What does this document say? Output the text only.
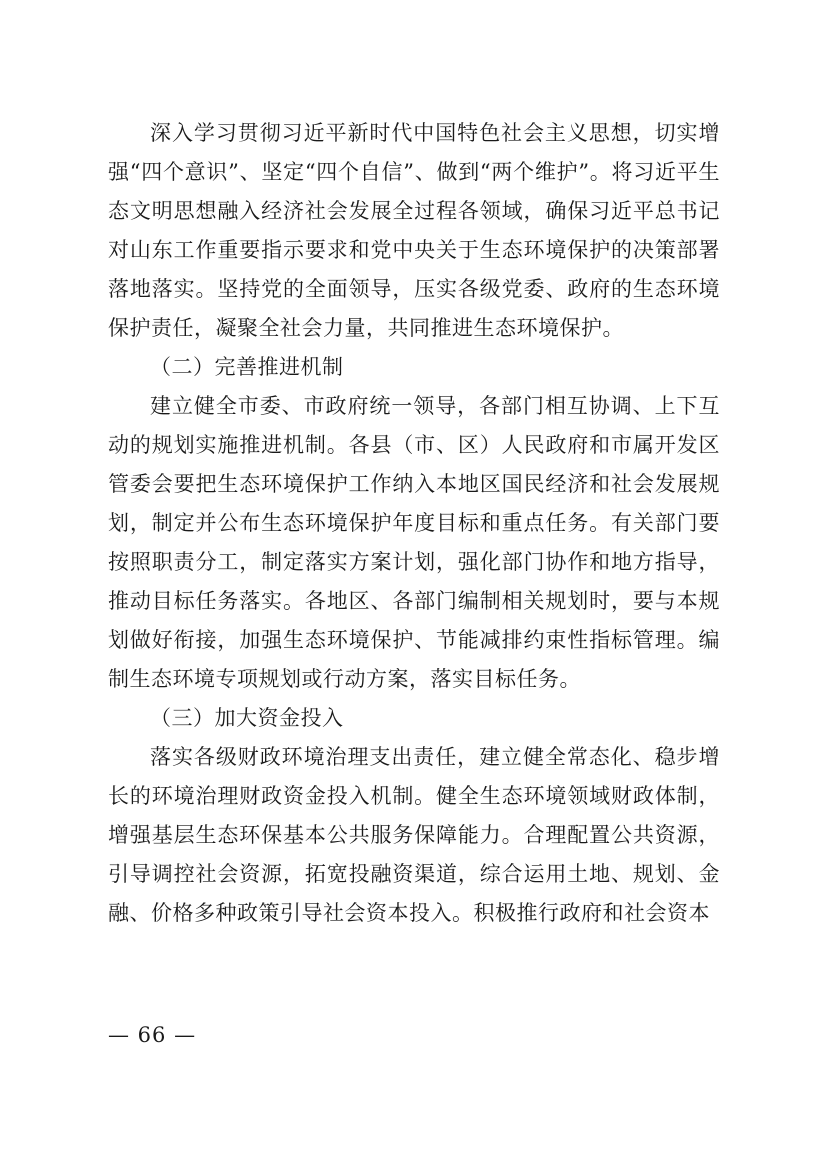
深入学习贯彻习近平新时代中国特色社会主义思想，切实增强“四个意识”、坚定“四个自信”、做到“两个维护”。将习近平生态文明思想融入经济社会发展全过程各领域，确保习近平总书记对山东工作重要指示要求和党中央关于生态环境保护的决策部署落地落实。坚持党的全面领导，压实各级党委、政府的生态环境保护责任，凝聚全社会力量，共同推进生态环境保护。

（二）完善推进机制

建立健全市委、市政府统一领导，各部门相互协调、上下互动的规划实施推进机制。各县（市、区）人民政府和市属开发区管委会要把生态环境保护工作纳入本地区国民经济和社会发展规划，制定并公布生态环境保护年度目标和重点任务。有关部门要按照职责分工，制定落实方案计划，强化部门协作和地方指导，推动目标任务落实。各地区、各部门编制相关规划时，要与本规划做好衔接，加强生态环境保护、节能减排约束性指标管理。编制生态环境专项规划或行动方案，落实目标任务。

（三）加大资金投入

落实各级财政环境治理支出责任，建立健全常态化、稳步增长的环境治理财政资金投入机制。健全生态环境领域财政体制，增强基层生态环保基本公共服务保障能力。合理配置公共资源，引导调控社会资源，拓宽投融资渠道，综合运用土地、规划、金融、价格多种政策引导社会资本投入。积极推行政府和社会资本

— 66 —
